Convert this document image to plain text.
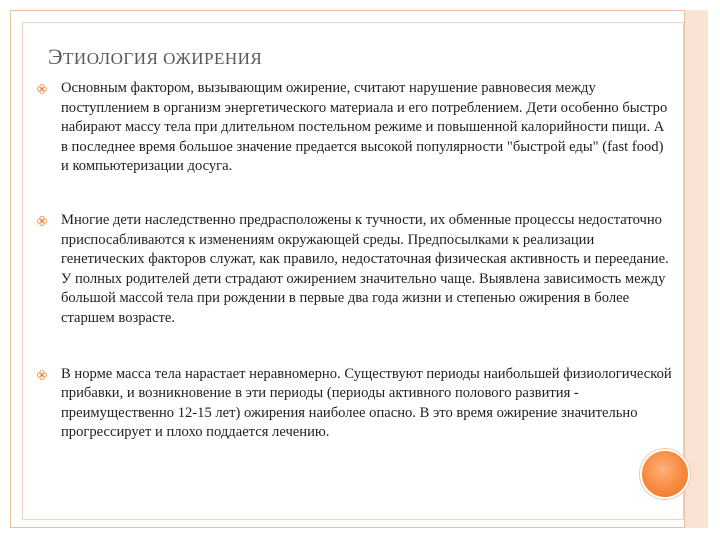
ЭТИОЛОГИЯ ОЖИРЕНИЯ
Основным фактором, вызывающим ожирение, считают нарушение равновесия между поступлением в организм энергетического материала и его потреблением. Дети особенно быстро набирают массу тела при длительном постельном режиме и повышенной калорийности пищи. А в последнее время большое значение предается высокой популярности "быстрой еды" (fast food) и компьютеризации досуга.
Многие дети наследственно предрасположены к тучности, их обменные процессы недостаточно приспосабливаются к изменениям окружающей среды. Предпосылками к реализации генетических факторов служат, как правило, недостаточная физическая активность и переедание. У полных родителей дети страдают ожирением значительно чаще. Выявлена зависимость между большой массой тела при рождении в первые два года жизни и степенью ожирения в более старшем возрасте.
В норме масса тела нарастает неравномерно. Существуют периоды наибольшей физиологической прибавки, и возникновение в эти периоды (периоды активного полового развития - преимущественно 12-15 лет) ожирения наиболее опасно. В это время ожирение значительно прогрессирует и плохо поддается лечению.
